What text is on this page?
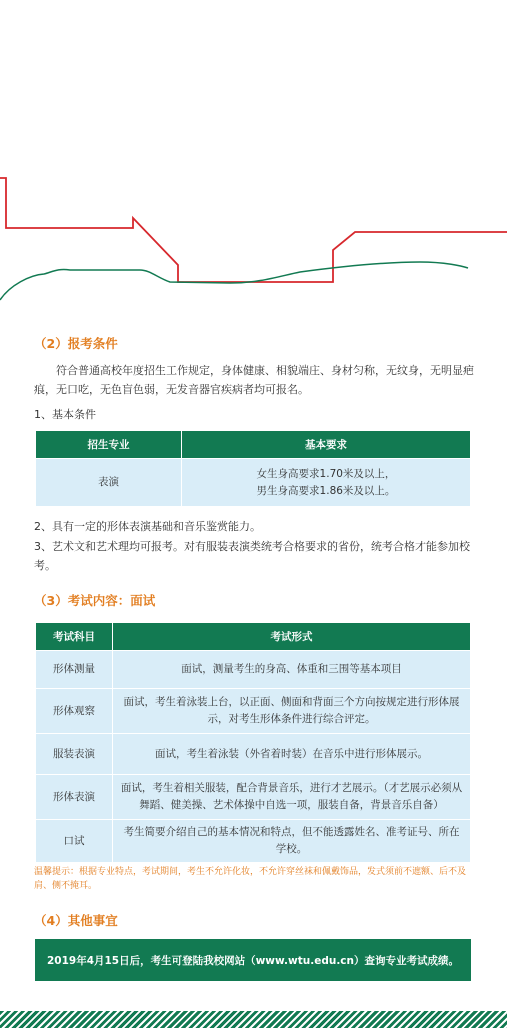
（2）报考条件

符合普通高校年度招生工作规定，身体健康、相貌端庄、身材匀称，无纹身，无明显疤痕，无口吃，无色盲色弱，无发音器官疾病者均可报名。

1、基本条件

招生专业	基本要求
表演	女生身高要求1.70米及以上，
男生身高要求1.86米及以上。

2、具有一定的形体表演基础和音乐鉴赏能力。

3、艺术文和艺术理均可报考。对有服装表演类统考合格要求的省份，统考合格才能参加校考。

（3）考试内容：面试
考试科目	考试形式
形体测量	面试，测量考生的身高、体重和三围等基本项目
形体观察	面试，考生着泳装上台，以正面、侧面和背面三个方向按规定进行形体展示，对考生形体条件进行综合评定。
服装表演	面试，考生着泳装（外省着时装）在音乐中进行形体展示。
形体表演	面试，考生着相关服装，配合背景音乐，进行才艺展示。（才艺展示必须从舞蹈、健美操、艺术体操中自选一项，服装自备，背景音乐自备）
口试	考生简要介绍自己的基本情况和特点，但不能透露姓名、准考证号、所在学校。

温馨提示：根据专业特点，考试期间，考生不允许化妆，不允许穿丝袜和佩戴饰品，发式须前不遮额、后不及肩、侧不掩耳。

（4）其他事宜
2019年4月15日后，考生可登陆我校网站（www.wtu.edu.cn）查询专业考试成绩。
